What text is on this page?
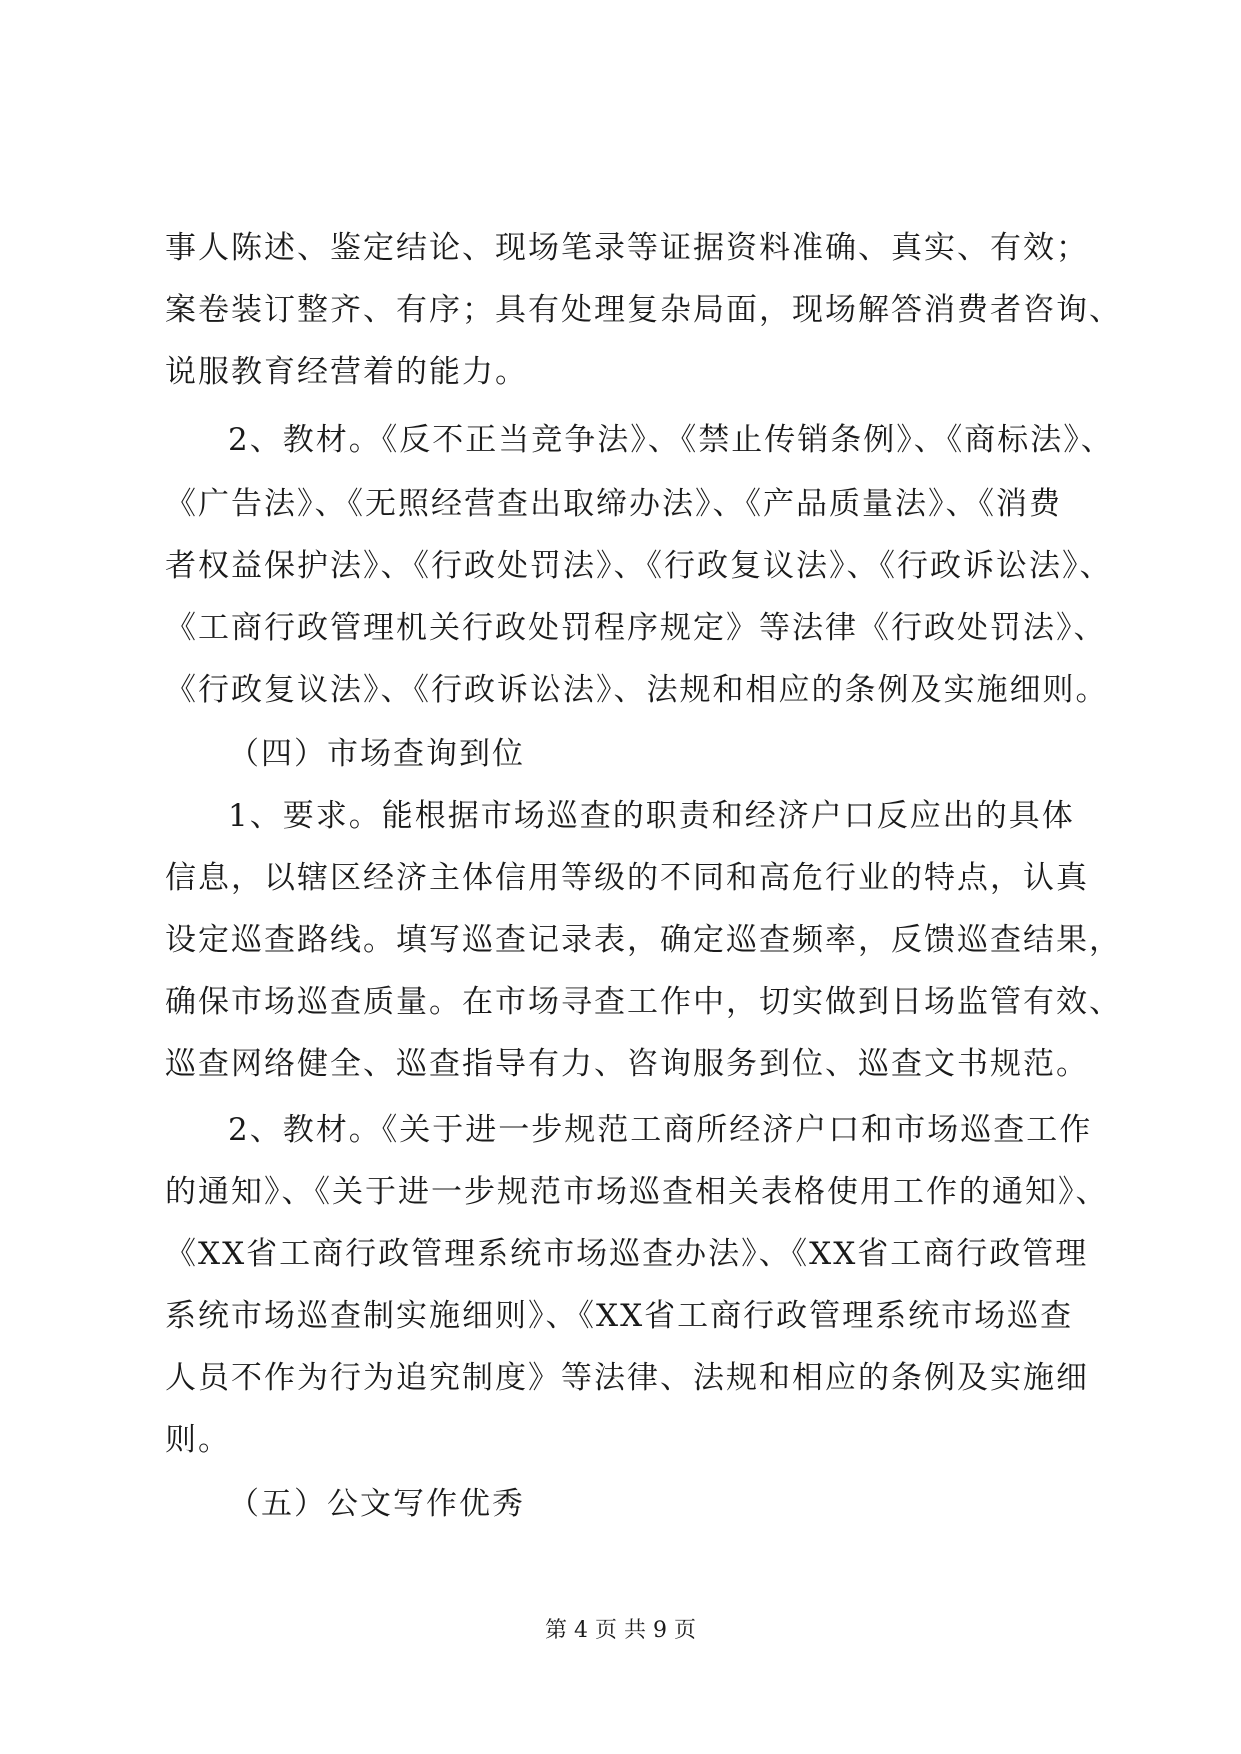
事人陈述、鉴定结论、现场笔录等证据资料准确、真实、有效；
案卷装订整齐、有序；具有处理复杂局面，现场解答消费者咨询、
说服教育经营着的能力。
2、教材。《反不正当竞争法》、《禁止传销条例》、《商标法》、
《广告法》、《无照经营查出取缔办法》、《产品质量法》、《消费
者权益保护法》、《行政处罚法》、《行政复议法》、《行政诉讼法》、
《工商行政管理机关行政处罚程序规定》等法律《行政处罚法》、
《行政复议法》、《行政诉讼法》、法规和相应的条例及实施细则。
（四）市场查询到位
1、要求。能根据市场巡查的职责和经济户口反应出的具体
信息，以辖区经济主体信用等级的不同和高危行业的特点，认真
设定巡查路线。填写巡查记录表，确定巡查频率，反馈巡查结果，
确保市场巡查质量。在市场寻查工作中，切实做到日场监管有效、
巡查网络健全、巡查指导有力、咨询服务到位、巡查文书规范。
2、教材。《关于进一步规范工商所经济户口和市场巡查工作
的通知》、《关于进一步规范市场巡查相关表格使用工作的通知》、
《XX省工商行政管理系统市场巡查办法》、《XX省工商行政管理
系统市场巡查制实施细则》、《XX省工商行政管理系统市场巡查
人员不作为行为追究制度》等法律、法规和相应的条例及实施细
则。
（五）公文写作优秀
第 4 页 共 9 页
